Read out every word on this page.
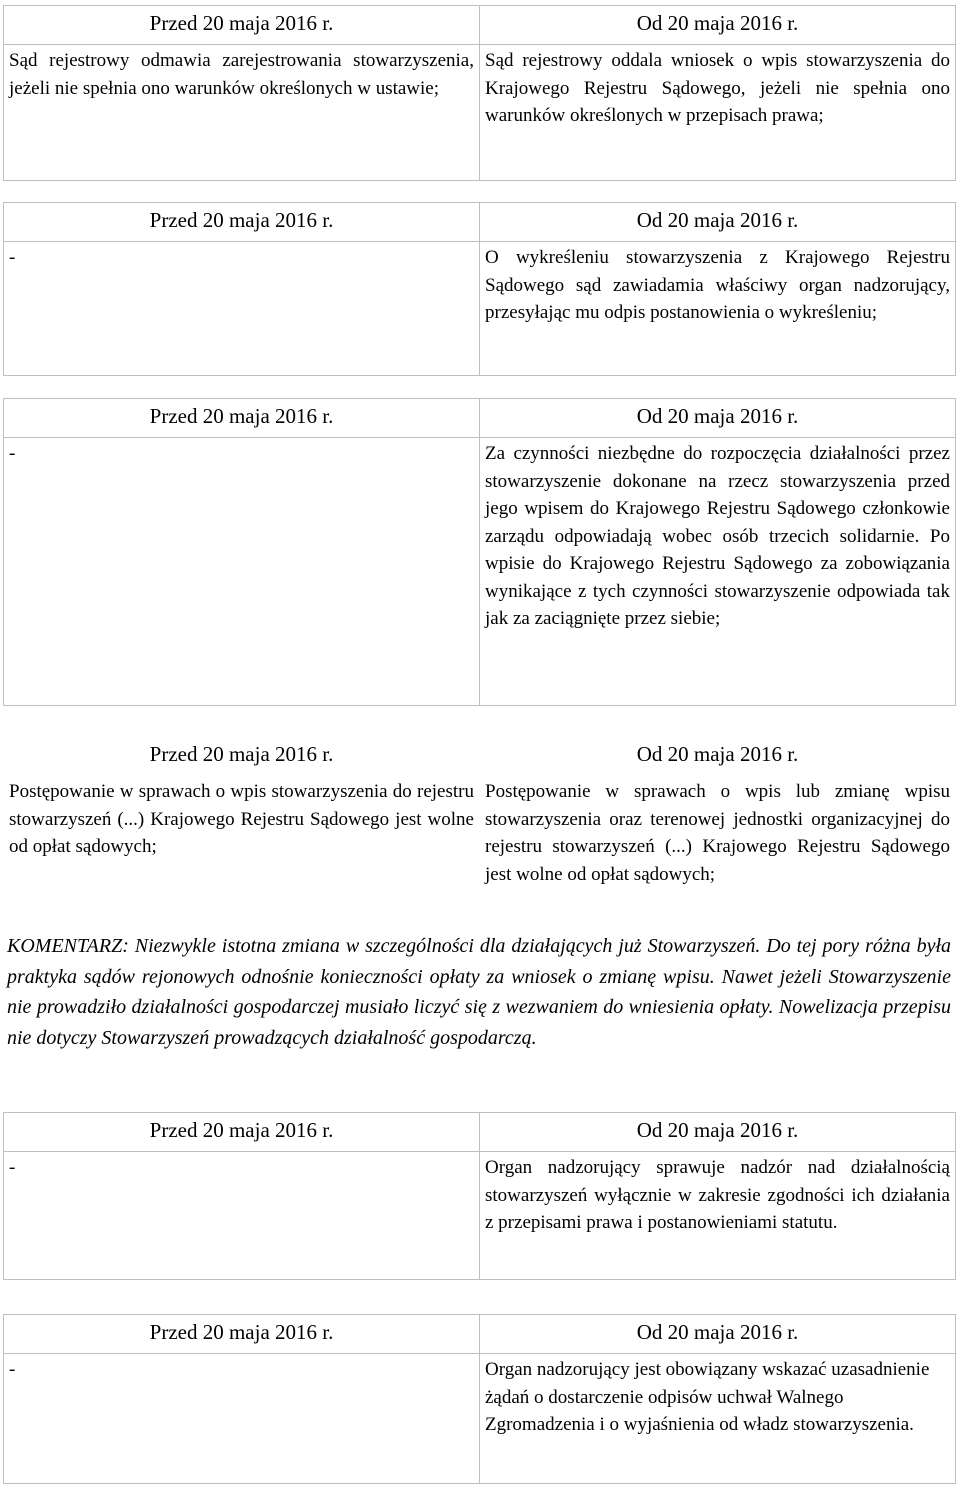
Przed 20 maja 2016 r.	Od 20 maja 2016 r.
Sąd rejestrowy odmawia zarejestrowania stowarzyszenia, jeżeli nie spełnia ono warunków określonych w ustawie;	Sąd rejestrowy oddala wniosek o wpis stowarzyszenia do Krajowego Rejestru Sądowego, jeżeli nie spełnia ono warunków określonych w przepisach prawa;
Przed 20 maja 2016 r.	Od 20 maja 2016 r.
-	O wykreśleniu stowarzyszenia z Krajowego Rejestru Sądowego sąd zawiadamia właściwy organ nadzorujący, przesyłając mu odpis postanowienia o wykreśleniu;
Przed 20 maja 2016 r.	Od 20 maja 2016 r.
-	Za czynności niezbędne do rozpoczęcia działalności przez stowarzyszenie dokonane na rzecz stowarzyszenia przed jego wpisem do Krajowego Rejestru Sądowego członkowie zarządu odpowiadają wobec osób trzecich solidarnie. Po wpisie do Krajowego Rejestru Sądowego za zobowiązania wynikające z tych czynności stowarzyszenie odpowiada tak jak za zaciągnięte przez siebie;
Przed 20 maja 2016 r.	Od 20 maja 2016 r.
Postępowanie w sprawach o wpis stowarzyszenia do rejestru stowarzyszeń (...) Krajowego Rejestru Sądowego jest wolne od opłat sądowych;	Postępowanie w sprawach o wpis lub zmianę wpisu stowarzyszenia oraz terenowej jednostki organizacyjnej do rejestru stowarzyszeń (...) Krajowego Rejestru Sądowego jest wolne od opłat sądowych;

KOMENTARZ: Niezwykle istotna zmiana w szczególności dla działających już Stowarzyszeń. Do tej pory różna była praktyka sądów rejonowych odnośnie konieczności opłaty za wniosek o zmianę wpisu. Nawet jeżeli Stowarzyszenie nie prowadziło działalności gospodarczej musiało liczyć się z wezwaniem do wniesienia opłaty. Nowelizacja przepisu nie dotyczy Stowarzyszeń prowadzących działalność gospodarczą.

Przed 20 maja 2016 r.	Od 20 maja 2016 r.
-	Organ nadzorujący sprawuje nadzór nad działalnością stowarzyszeń wyłącznie w zakresie zgodności ich działania z przepisami prawa i postanowieniami statutu.
Przed 20 maja 2016 r.	Od 20 maja 2016 r.
-	Organ nadzorujący jest obowiązany wskazać uzasadnienie żądań o dostarczenie odpisów uchwał Walnego Zgromadzenia i o wyjaśnienia od władz stowarzyszenia.
